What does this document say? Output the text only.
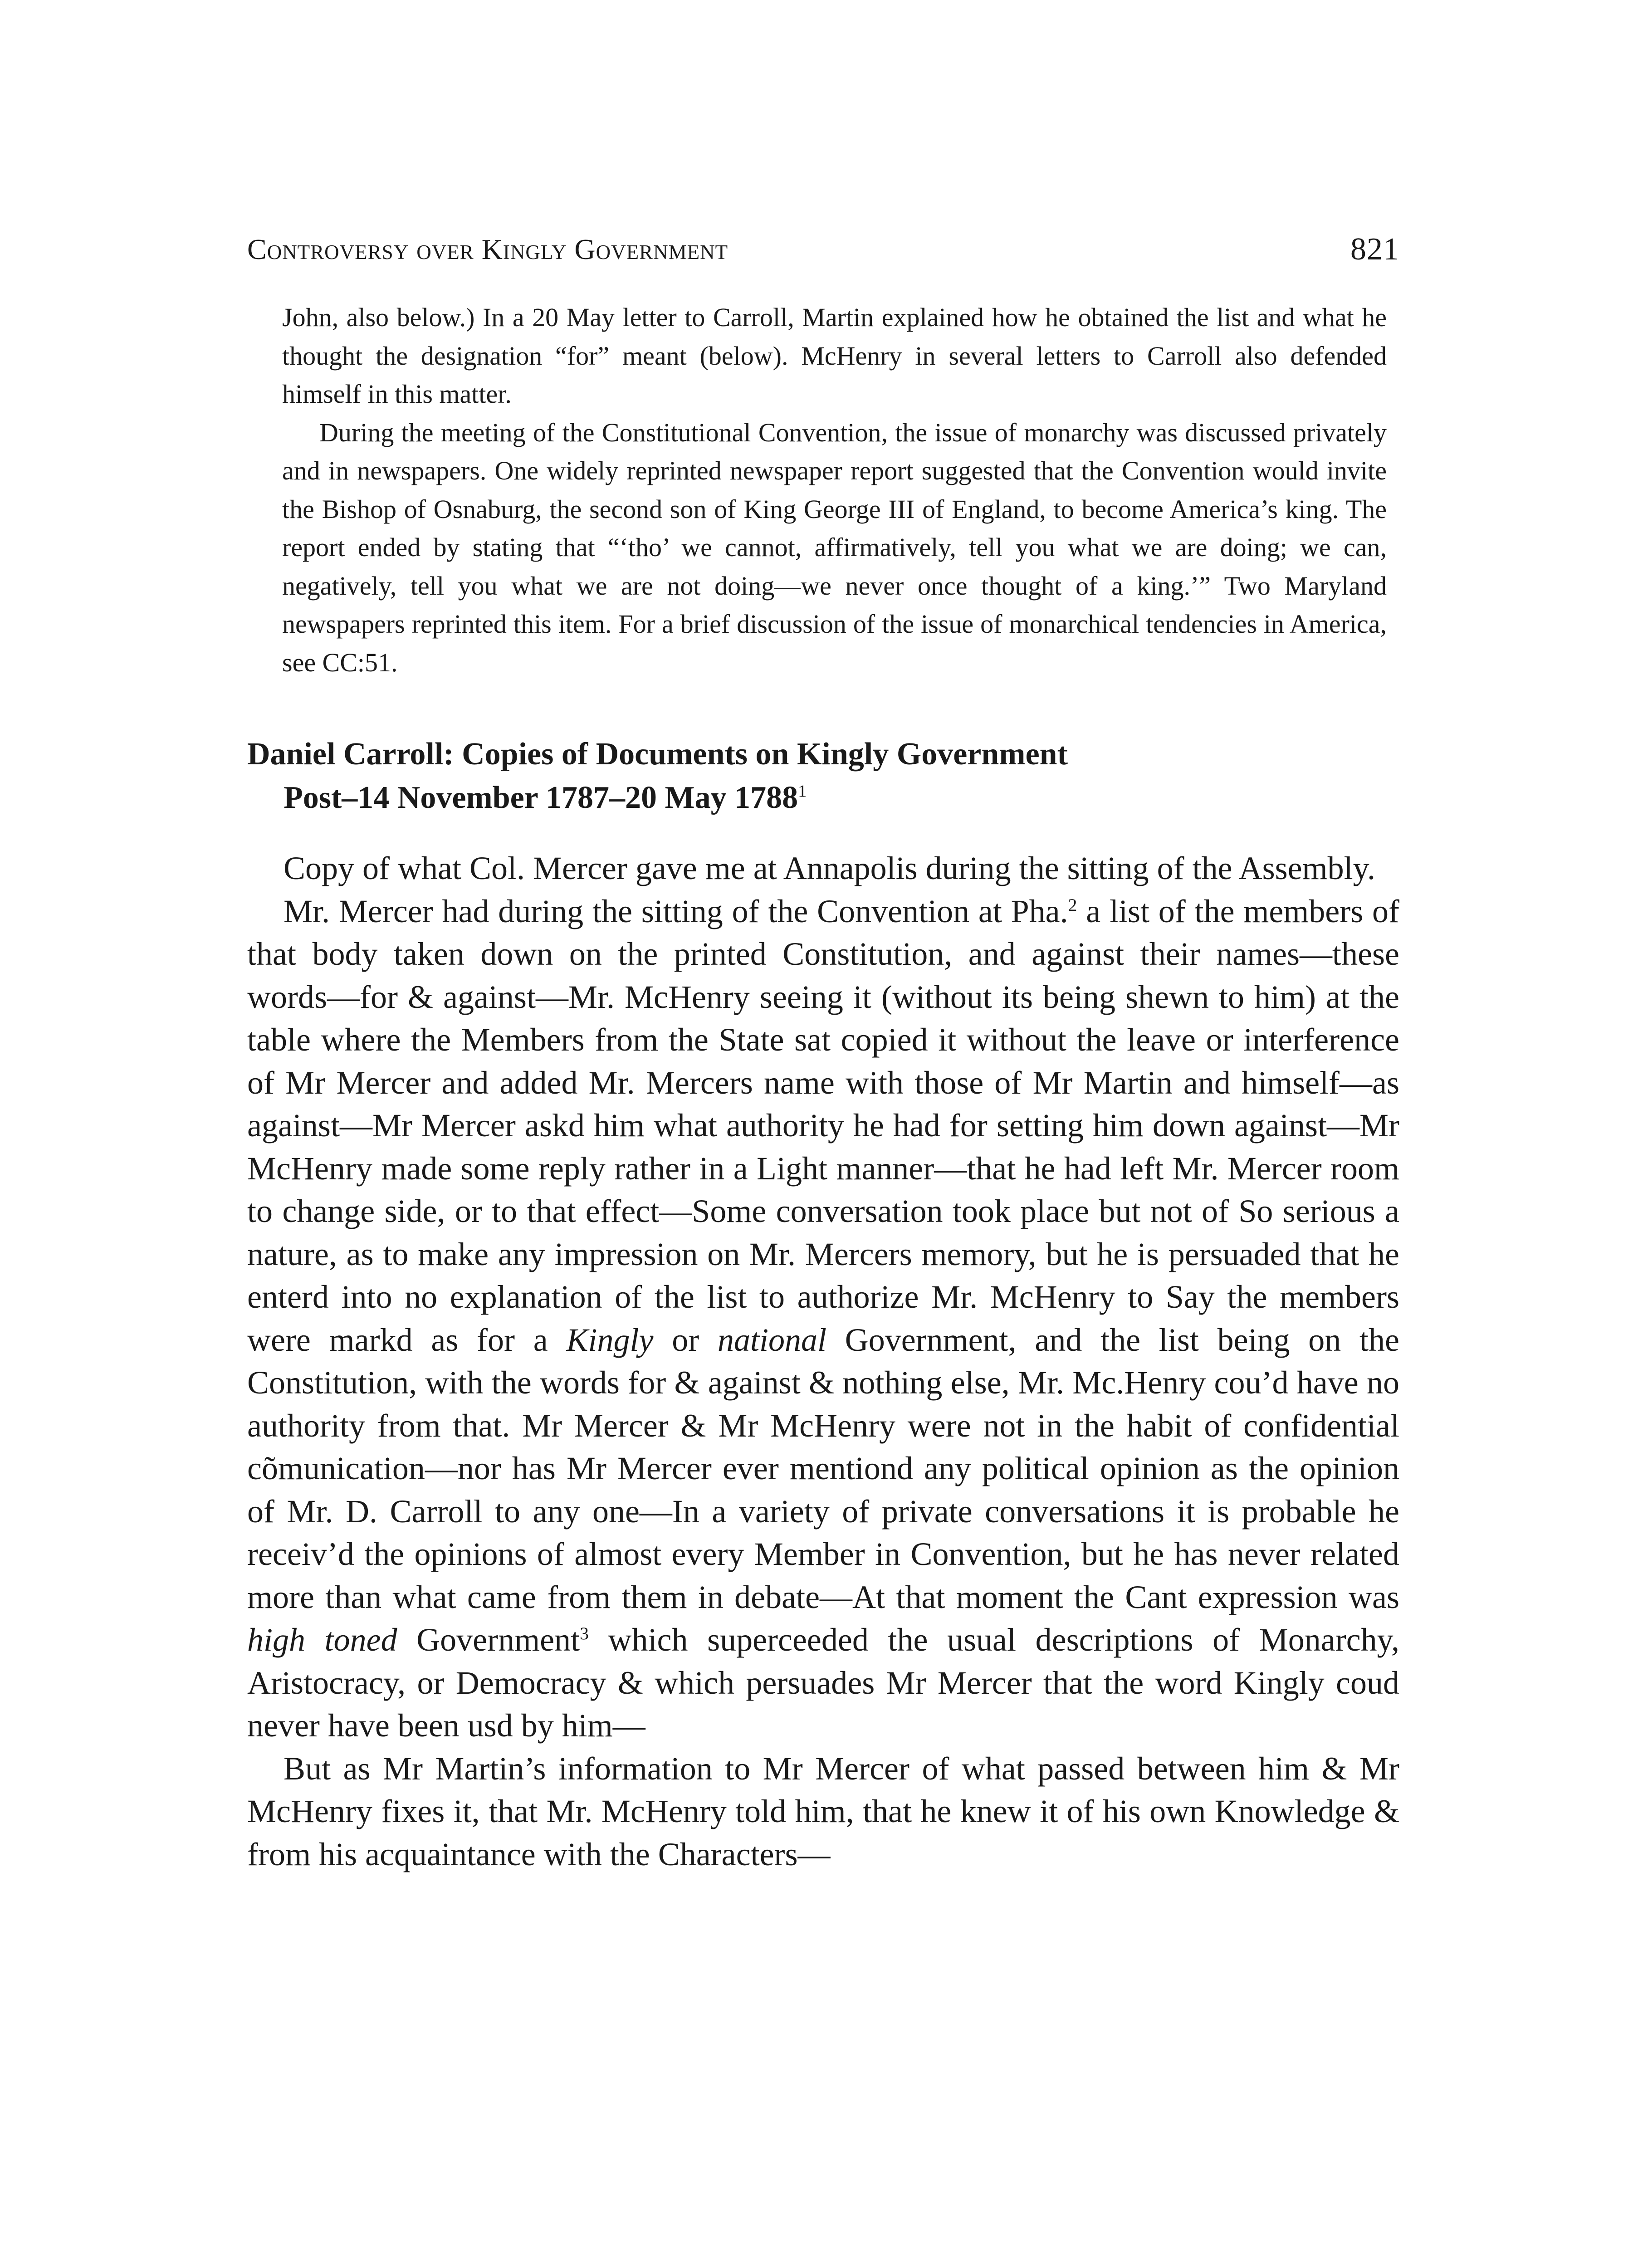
Controversy over Kingly Government	821

John, also below.) In a 20 May letter to Carroll, Martin explained how he obtained the list and what he thought the designation “for” meant (below). McHenry in several letters to Carroll also defended himself in this matter.

During the meeting of the Constitutional Convention, the issue of monarchy was discussed privately and in newspapers. One widely reprinted newspaper report suggested that the Convention would invite the Bishop of Osnaburg, the second son of King George III of England, to become America’s king. The report ended by stating that “‘tho’ we cannot, affirmatively, tell you what we are doing; we can, negatively, tell you what we are not doing—we never once thought of a king.’” Two Maryland newspapers reprinted this item. For a brief discussion of the issue of monarchical tendencies in America, see CC:51.

Daniel Carroll: Copies of Documents on Kingly Government
Post–14 November 1787–20 May 1788$^1$

Copy of what Col. Mercer gave me at Annapolis during the sitting of the Assembly.

Mr. Mercer had during the sitting of the Convention at Pha.$^2$ a list of the members of that body taken down on the printed Constitution, and against their names—these words—for & against—Mr. McHenry seeing it (without its being shewn to him) at the table where the Members from the State sat copied it without the leave or interference of Mr Mercer and added Mr. Mercers name with those of Mr Martin and himself—as against—Mr Mercer askd him what authority he had for setting him down against—Mr McHenry made some reply rather in a Light manner—that he had left Mr. Mercer room to change side, or to that effect—Some conversation took place but not of So serious a nature, as to make any impression on Mr. Mercers memory, but he is persuaded that he enterd into no explanation of the list to authorize Mr. McHenry to Say the members were markd as for a Kingly or national Government, and the list being on the Constitution, with the words for & against & nothing else, Mr. Mc.Henry cou’d have no authority from that. Mr Mercer & Mr McHenry were not in the habit of confidential cõmunication—nor has Mr Mercer ever mentiond any political opinion as the opinion of Mr. D. Carroll to any one—In a variety of private conversations it is probable he receiv’d the opinions of almost every Member in Convention, but he has never related more than what came from them in debate—At that moment the Cant expression was high toned Government$^3$ which superceeded the usual descriptions of Monarchy, Aristocracy, or Democracy & which persuades Mr Mercer that the word Kingly coud never have been usd by him—

But as Mr Martin’s information to Mr Mercer of what passed between him & Mr McHenry fixes it, that Mr. McHenry told him, that he knew it of his own Knowledge & from his acquaintance with the Characters—
